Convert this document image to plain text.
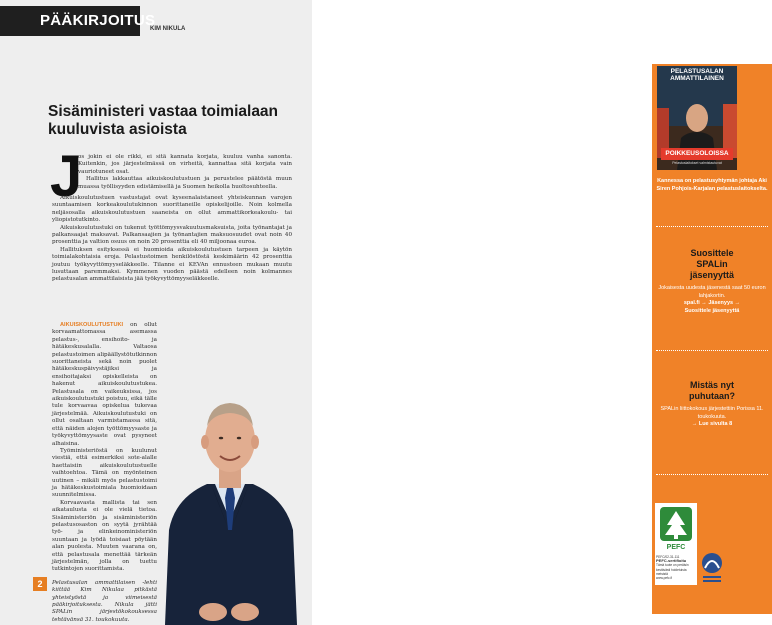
PÄÄKIRJOITUS
KIM NIKULA
Sisäministeri vastaa toimialaan kuuluvista asioista
J

os jokin ei ole rikki, ei sitä kannata korjata, kuuluu vanha sanonta. Kuitenkin, jos järjestelmässä on virheitä, kannattaa sitä korjata vain vauriotuneet osat.

Hallitus lakkauttaa aikuiskoulutustuen ja perustelee päätöstä muun muassa työllisyyden edistämisellä ja Suomen heikolla huoltosuhteella.

Aikuiskoulutustuen vastustajat ovat kyseenalaistaneet yhteiskunnan varojen suuntaamisen korkeakoulutukinnon suorittaneille opiskelijoille. Noin kolmella neljäsosalla aikuiskoulutustuen saaneista on ollut ammattikorkeakoulu- tai yliopistotutkinto.

Aikuiskoulutustuki on tukenut työttömyysvakuutusmaksuista, joita työnantajat ja palkansaajat maksavat. Palkansaajien ja työnantajien maksuosuudet ovat noin 40 prosenttia ja valtion osuus on noin 20 prosenttia eli 40 miljoonaa euroa.

Hallituksen esityksessä ei huomioida aikuiskoulutustuen tarpeen ja käytön toimialakohtaisia eroja. Pelastustoimen henkilöstöstä keskimäärin 42 prosenttia joutuu työkyvyttömyyseläkkeelle. Tilanne ei KEVAn ennusteen mukaan muutu lusuttaan paremmaksi. Kymmenen vuoden päästä edelleen noin kolmannes pelastusalan ammattilaisista jää työkyvyttömyyseläkkeelle.

AIKUISKOULUTUSTUKI on ollut korvaamattomassa asemassa pelastus-, ensihoito- ja hätäkeskusalalla. Valtaosa pelastustoimen alipäällystötutkinnon suorittaneista sekä noin puolet hätäkeskuspäivystäjiksi ja ensihoitajaksi opiskelleista on hakenut aikuiskoulutustukea. Pelastusala on vaikeuksissa, jos aikuiskoulutustuki poistuu, eikä tälle tule korvaavaa opiskelua tukevaa järjestelmää. Aikuiskoulutustuki on ollut osaltaan varmistamassa sitä, että näiden alojen työttömyysaste ja työkyvyttömyysaste ovat pysyneet alhaisina.

Työministeriöstä on kuulunut viestiä, että esimerkiksi sote-alalle haettaisiin aikuiskoulutustuelle vaihtoehtoa. Tämä on myönteinen uutinen – mikäli myös pelastustoimi ja hätäkeskustoimiala huomioidaan suunnitelmissa.

Korvaavasta mallista tai sen aikataulusta ei ole vielä tietoa. Sisäministeriön ja sisäministeriön pelastusosaston on syytä jyrähtää työ- ja elinkeinoministeriön suuntaan ja lyödä toisiaat pöytään alan puolesta. Muuten vaarana on, että pelastusala menettää tärkeän järjestelmän, jolla on tuettu tutkintojen suorittamista.

Pelastusalan ammattilaisen -lehti kiittää Kim Nikulaa pitkästä yhteistyöstä ja viimeisestä pääkirjoituksesta. Nikula jätti SPALin järjestökokouksessa tehtävänsä 31. toukokuuta.

2
PELASTUSALAN
AMMATTILAINEN
POIKKEUSOLOISSA
Pelastuslaitokset valmistautuvat
Kannessa on pelastusyhtymän johtaja Aki Siren Pohjois-Karjalan pelastuslaitokselta.
Suosittele
SPALin
jäsenyyttä
Jokaisesta uudesta jäsenestä saat 50 euron lahjakortin.
spal.fi → Jäsenyys →
Suosittele jäsenyyttä
Mistäs nyt
puhutaan?
SPALin liittokokous järjestettiin Porissa 11. toukokuuta.
→ Lue sivulta 8
PEFC
PEFC/02-31-111
PEFC-sertifioitu
Tämä tuote on peräisin kestävästi hoidetuista metsistä
www.pefc.fi
